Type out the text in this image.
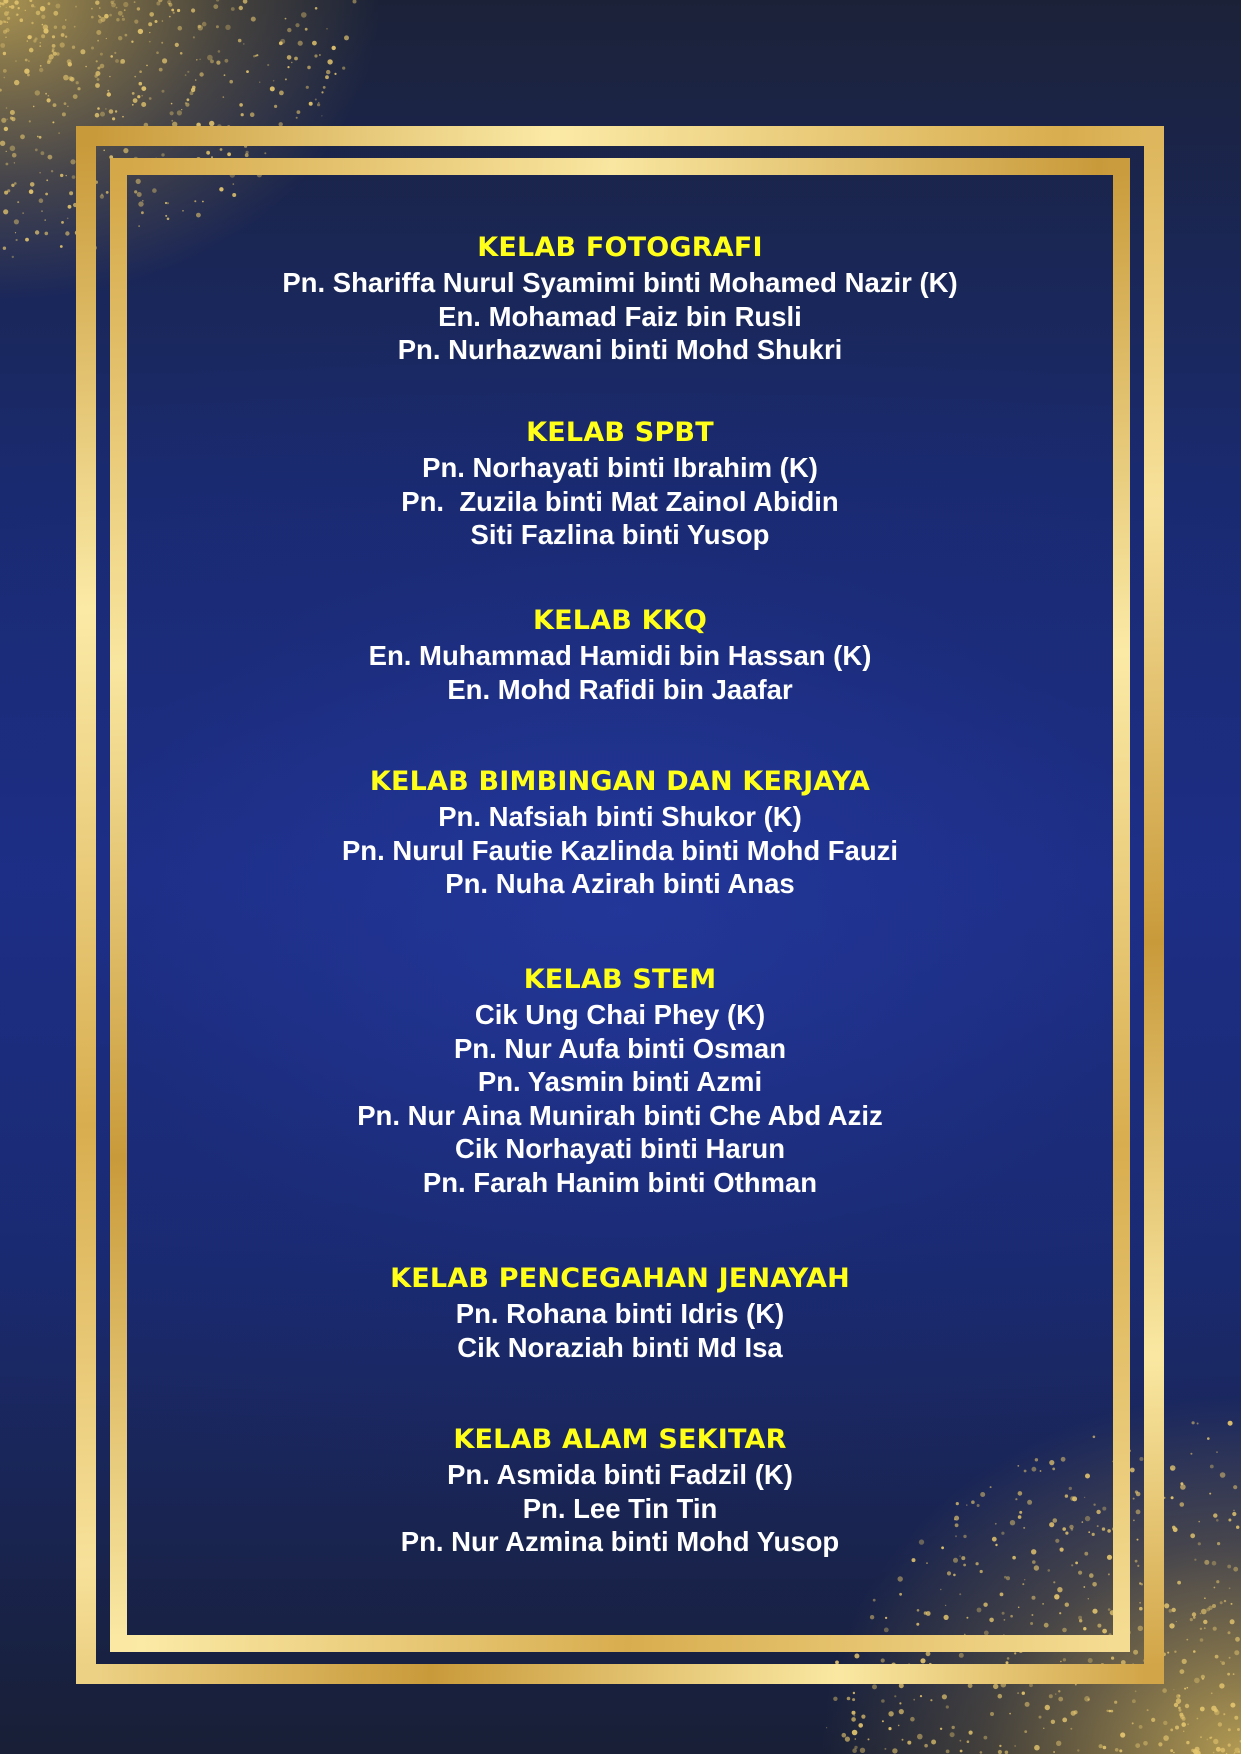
KELAB FOTOGRAFI
Pn. Shariffa Nurul Syamimi binti Mohamed Nazir (K)
En. Mohamad Faiz bin Rusli
Pn. Nurhazwani binti Mohd Shukri
KELAB SPBT
Pn. Norhayati binti Ibrahim (K)
Pn.  Zuzila binti Mat Zainol Abidin
Siti Fazlina binti Yusop
KELAB KKQ
En. Muhammad Hamidi bin Hassan (K)
En. Mohd Rafidi bin Jaafar
KELAB BIMBINGAN DAN KERJAYA
Pn. Nafsiah binti Shukor (K)
Pn. Nurul Fautie Kazlinda binti Mohd Fauzi
Pn. Nuha Azirah binti Anas
KELAB STEM
Cik Ung Chai Phey (K)
Pn. Nur Aufa binti Osman
Pn. Yasmin binti Azmi
Pn. Nur Aina Munirah binti Che Abd Aziz
Cik Norhayati binti Harun
Pn. Farah Hanim binti Othman
KELAB PENCEGAHAN JENAYAH
Pn. Rohana binti Idris (K)
Cik Noraziah binti Md Isa
KELAB ALAM SEKITAR
Pn. Asmida binti Fadzil (K)
Pn. Lee Tin Tin
Pn. Nur Azmina binti Mohd Yusop
